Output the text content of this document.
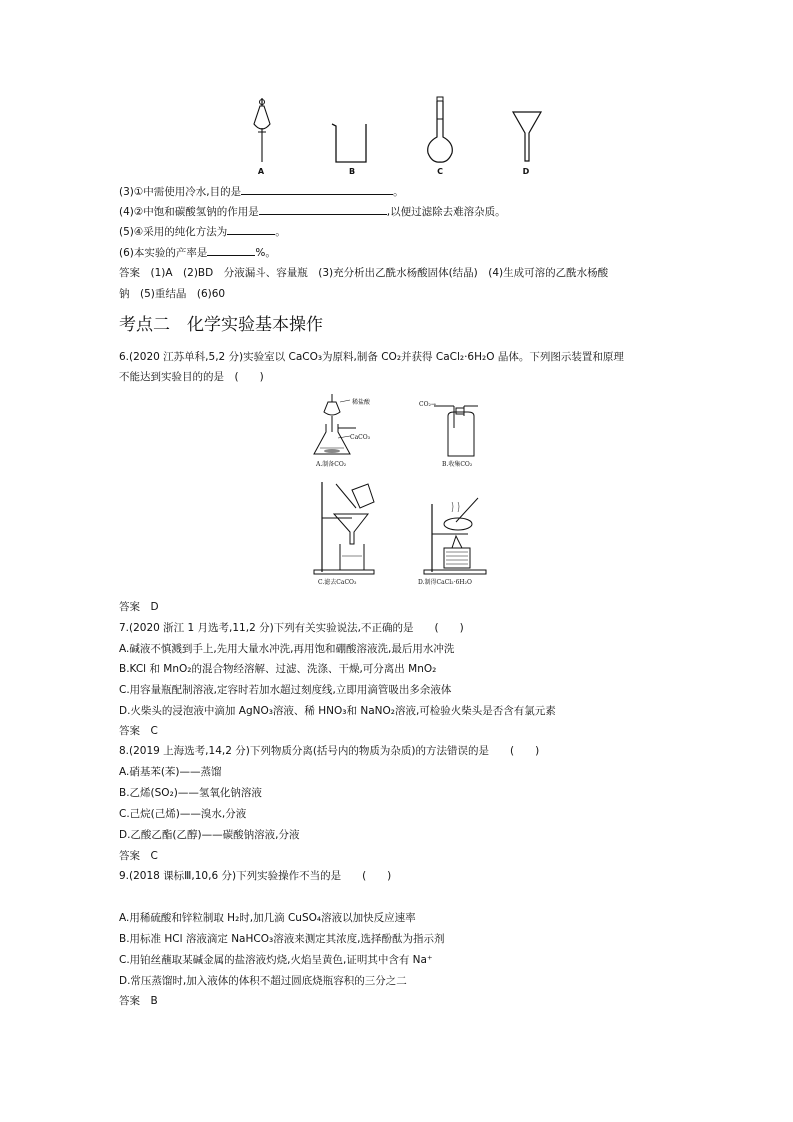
A	B	C	D
(3)①中需使用冷水,目的是	。
(4)②中饱和碳酸氢钠的作用是	,以便过滤除去难溶杂质。
(5)④采用的纯化方法为	。
(6)本实验的产率是	%。
答案　(1)A　(2)BD　分液漏斗、容量瓶　(3)充分析出乙酰水杨酸固体(结晶)　(4)生成可溶的乙酰水杨酸
钠　(5)重结晶　(6)60
考点二　化学实验基本操作
6.(2020 江苏单科,5,2 分)实验室以 CaCO₃为原料,制备 CO₂并获得 CaCl₂·6H₂O 晶体。下列图示装置和原理
不能达到实验目的的是　(　　)
稀盐酸
CaCO₃
A.制备CO₂
CO₂→
B.收集CO₂
C.滤去CaCO₃	D.制得CaCl₂·6H₂O
答案　D
7.(2020 浙江 1 月选考,11,2 分)下列有关实验说法,不正确的是　　(　　)
A.碱液不慎溅到手上,先用大量水冲洗,再用饱和硼酸溶液洗,最后用水冲洗
B.KCl 和 MnO₂的混合物经溶解、过滤、洗涤、干燥,可分离出 MnO₂
C.用容量瓶配制溶液,定容时若加水超过刻度线,立即用滴管吸出多余液体
D.火柴头的浸泡液中滴加 AgNO₃溶液、稀 HNO₃和 NaNO₂溶液,可检验火柴头是否含有氯元素
答案　C
8.(2019 上海选考,14,2 分)下列物质分离(括号内的物质为杂质)的方法错误的是　　(　　)
A.硝基苯(苯)——蒸馏
B.乙烯(SO₂)——氢氧化钠溶液
C.己烷(己烯)——溴水,分液
D.乙酸乙酯(乙醇)——碳酸钠溶液,分液
答案　C
9.(2018 课标Ⅲ,10,6 分)下列实验操作不当的是　　(　　)
A.用稀硫酸和锌粒制取 H₂时,加几滴 CuSO₄溶液以加快反应速率
B.用标准 HCl 溶液滴定 NaHCO₃溶液来测定其浓度,选择酚酞为指示剂
C.用铂丝蘸取某碱金属的盐溶液灼烧,火焰呈黄色,证明其中含有 Na⁺
D.常压蒸馏时,加入液体的体积不超过圆底烧瓶容积的三分之二
答案　B
